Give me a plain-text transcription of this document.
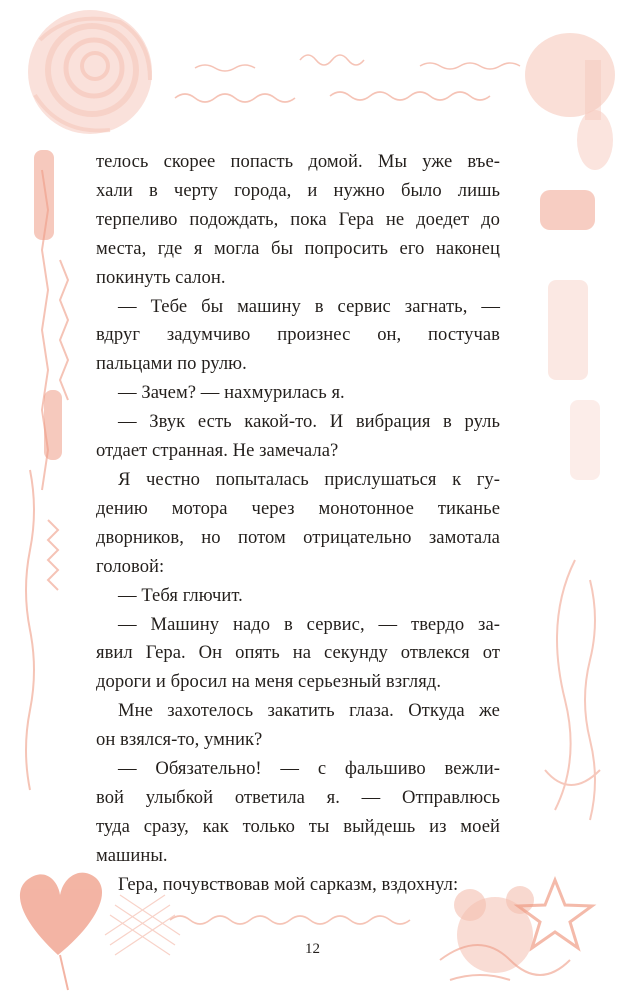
телось скорее попасть домой. Мы уже въе-
хали в черту города, и нужно было лишь
терпеливо подождать, пока Гера не доедет до
места, где я могла бы попросить его наконец
покинуть салон.

— Тебе бы машину в сервис загнать, —
вдруг задумчиво произнес он, постучав
пальцами по рулю.

— Зачем? — нахмурилась я.

— Звук есть какой-то. И вибрация в руль
отдает странная. Не замечала?

Я честно попыталась прислушаться к гу-
дению мотора через монотонное тиканье
дворников, но потом отрицательно замотала
головой:

— Тебя глючит.

— Машину надо в сервис, — твердо за-
явил Гера. Он опять на секунду отвлекся от
дороги и бросил на меня серьезный взгляд.

Мне захотелось закатить глаза. Откуда же
он взялся-то, умник?

— Обязательно! — с фальшиво вежли-
вой улыбкой ответила я. — Отправлюсь
туда сразу, как только ты выйдешь из моей
машины.

Гера, почувствовав мой сарказм, вздохнул:

12
